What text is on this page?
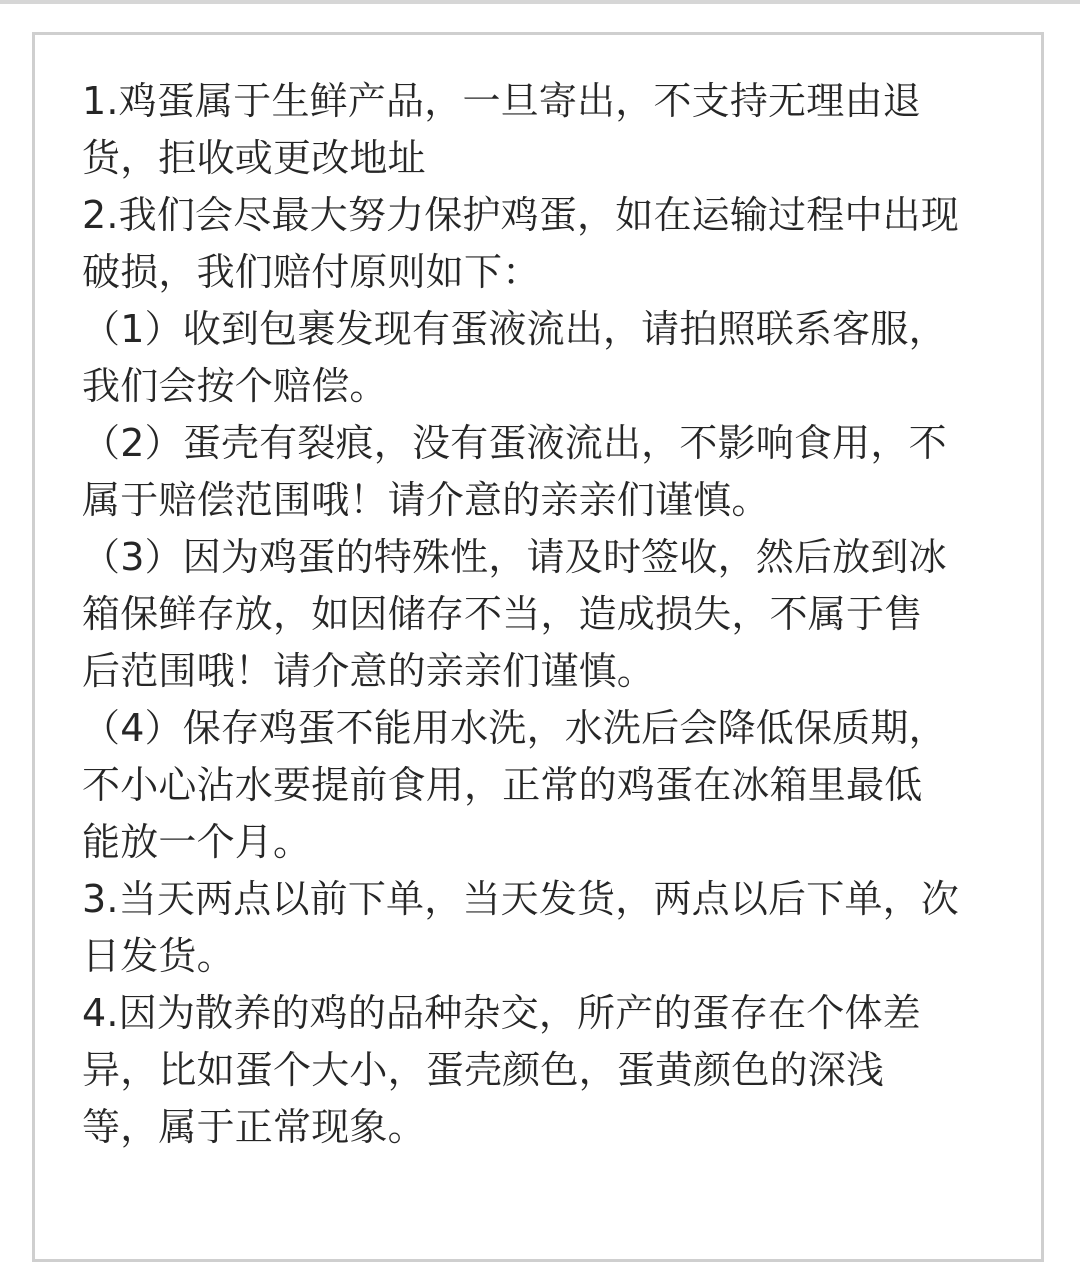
1.鸡蛋属于生鲜产品，一旦寄出，不支持无理由退
货，拒收或更改地址
2.我们会尽最大努力保护鸡蛋，如在运输过程中出现
破损，我们赔付原则如下：
（1）收到包裹发现有蛋液流出，请拍照联系客服，
我们会按个赔偿。
（2）蛋壳有裂痕，没有蛋液流出，不影响食用，不
属于赔偿范围哦！请介意的亲亲们谨慎。
（3）因为鸡蛋的特殊性，请及时签收，然后放到冰
箱保鲜存放，如因储存不当，造成损失，不属于售
后范围哦！请介意的亲亲们谨慎。
（4）保存鸡蛋不能用水洗，水洗后会降低保质期，
不小心沾水要提前食用，正常的鸡蛋在冰箱里最低
能放一个月。
3.当天两点以前下单，当天发货，两点以后下单，次
日发货。
4.因为散养的鸡的品种杂交，所产的蛋存在个体差
异，比如蛋个大小，蛋壳颜色，蛋黄颜色的深浅
等，属于正常现象。
